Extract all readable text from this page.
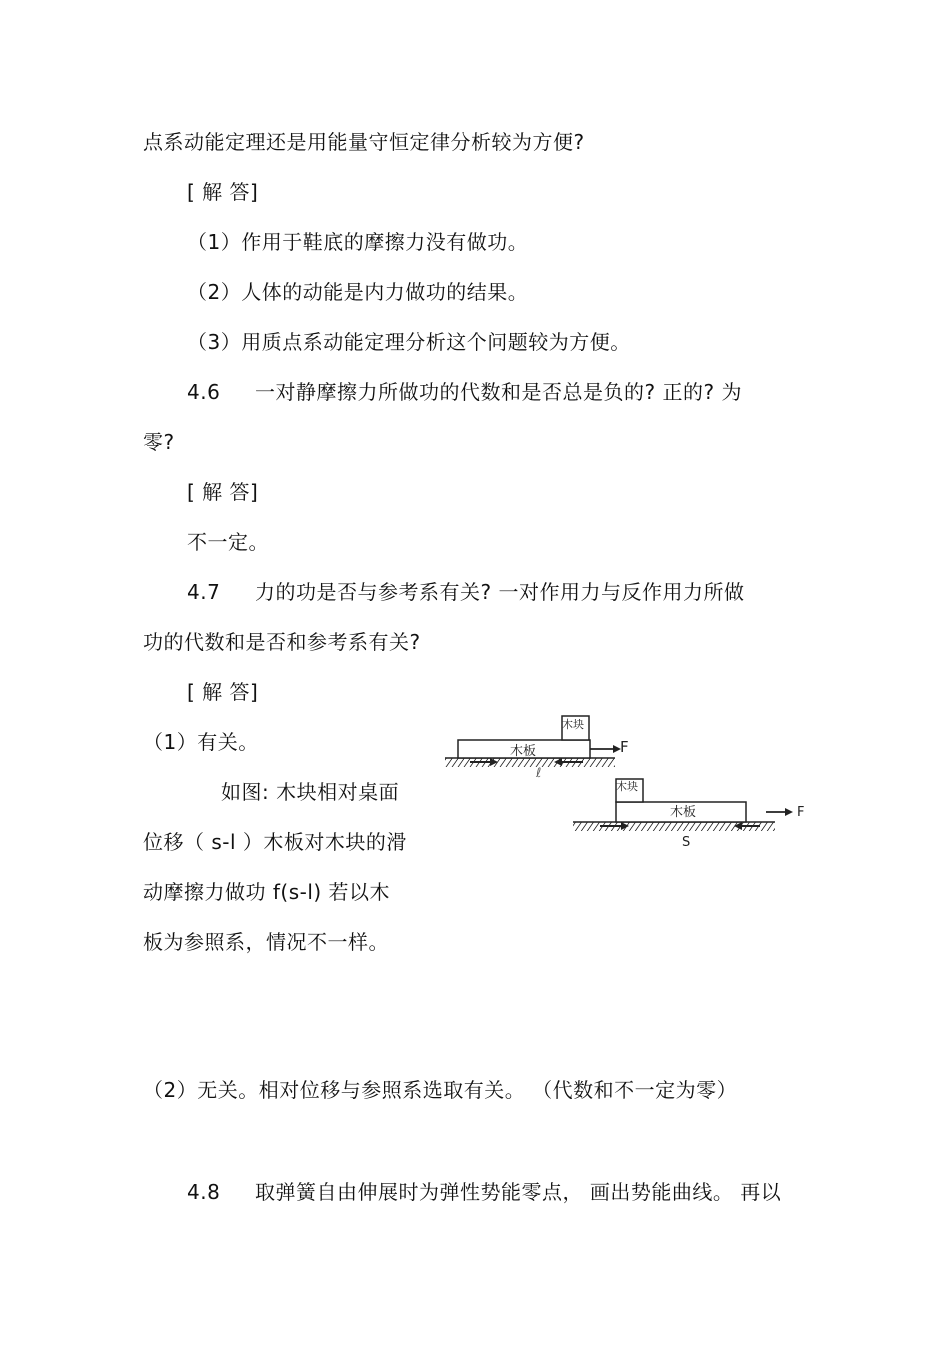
点系动能定理还是用能量守恒定律分析较为方便?
[ 解 答]
（1）作用于鞋底的摩擦力没有做功。
（2）人体的动能是内力做功的结果。
（3）用质点系动能定理分析这个问题较为方便。
4.6 一对静摩擦力所做功的代数和是否总是负的? 正的? 为
零?
[ 解 答]
不一定。
4.7 力的功是否与参考系有关? 一对作用力与反作用力所做
功的代数和是否和参考系有关?
[ 解 答]
（1）有关。
如图: 木块相对桌面
位移（ s-l ）木板对木块的滑
动摩擦力做功 f(s-l) 若以木
板为参照系，情况不一样。
（2）无关。相对位移与参照系选取有关。 （代数和不一定为零）
4.8 取弹簧自由伸展时为弹性势能零点， 画出势能曲线。 再以
木板
木块
F
ℓ
木板
木块
F
S
